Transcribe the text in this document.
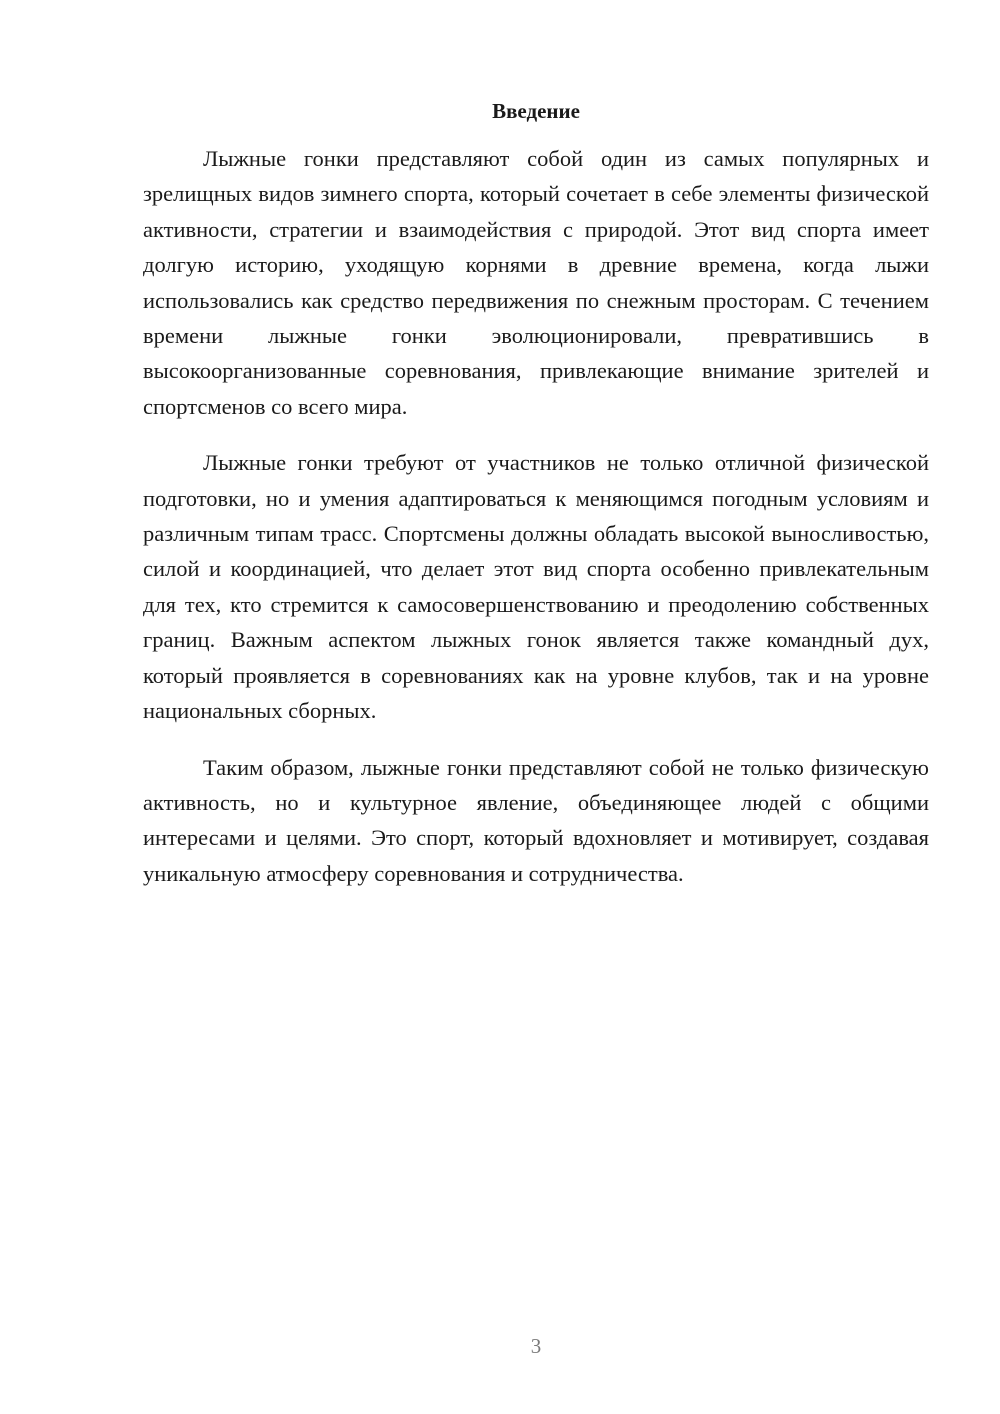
Введение

Лыжные гонки представляют собой один из самых популярных и зрелищных видов зимнего спорта, который сочетает в себе элементы физической активности, стратегии и взаимодействия с природой. Этот вид спорта имеет долгую историю, уходящую корнями в древние времена, когда лыжи использовались как средство передвижения по снежным просторам. С течением времени лыжные гонки эволюционировали, превратившись в высокоорганизованные соревнования, привлекающие внимание зрителей и спортсменов со всего мира.

Лыжные гонки требуют от участников не только отличной физической подготовки, но и умения адаптироваться к меняющимся погодным условиям и различным типам трасс. Спортсмены должны обладать высокой выносливостью, силой и координацией, что делает этот вид спорта особенно привлекательным для тех, кто стремится к самосовершенствованию и преодолению собственных границ. Важным аспектом лыжных гонок является также командный дух, который проявляется в соревнованиях как на уровне клубов, так и на уровне национальных сборных.

Таким образом, лыжные гонки представляют собой не только физическую активность, но и культурное явление, объединяющее людей с общими интересами и целями. Это спорт, который вдохновляет и мотивирует, создавая уникальную атмосферу соревнования и сотрудничества.

3
